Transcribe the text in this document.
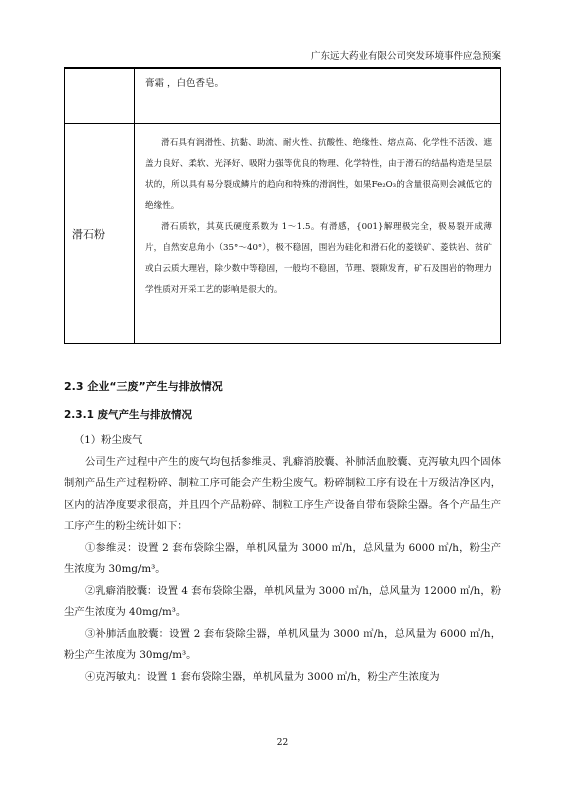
广东远大药业有限公司突发环境事件应急预案
	膏霜 ，白色香皂。
滑石粉	滑石具有润滑性、抗黏、助流、耐火性、抗酸性、绝缘性、熔点高、化学性不活泼、遮盖力良好、柔软、光泽好、吸附力强等优良的物理、化学特性，由于滑石的结晶构造是呈层状的，所以具有易分裂成鳞片的趋向和特殊的滑润性，如果Fe₂O₃的含量很高则会减低它的绝缘性。

滑石质软，其莫氏硬度系数为 1～1.5。有滑感，{001}解理极完全，极易裂开成薄片，自然安息角小（35°～40°），极不稳固，围岩为硅化和滑石化的菱镁矿、菱铁岩、贫矿或白云质大理岩，除少数中等稳固，一般均不稳固，节理、裂隙发育，矿石及围岩的物理力学性质对开采工艺的影响是很大的。

2.3 企业“三废”产生与排放情况
2.3.1 废气产生与排放情况

（1）粉尘废气

公司生产过程中产生的废气均包括参维灵、乳癖消胶囊、补肺活血胶囊、克泻敏丸四个固体制剂产品生产过程粉碎、制粒工序可能会产生粉尘废气。粉碎制粒工序有设在十万级洁净区内，区内的洁净度要求很高，并且四个产品粉碎、制粒工序生产设备自带布袋除尘器。各个产品生产工序产生的粉尘统计如下：

①参维灵：设置 2 套布袋除尘器，单机风量为 3000 ㎥/h，总风量为 6000 ㎥/h，粉尘产生浓度为 30mg/m³。

②乳癖消胶囊：设置 4 套布袋除尘器，单机风量为 3000 ㎥/h，总风量为 12000 ㎥/h，粉尘产生浓度为 40mg/m³。

③补肺活血胶囊：设置 2 套布袋除尘器，单机风量为 3000 ㎥/h，总风量为 6000 ㎥/h，粉尘产生浓度为 30mg/m³。

④克泻敏丸：设置 1 套布袋除尘器，单机风量为 3000 ㎥/h，粉尘产生浓度为

22
